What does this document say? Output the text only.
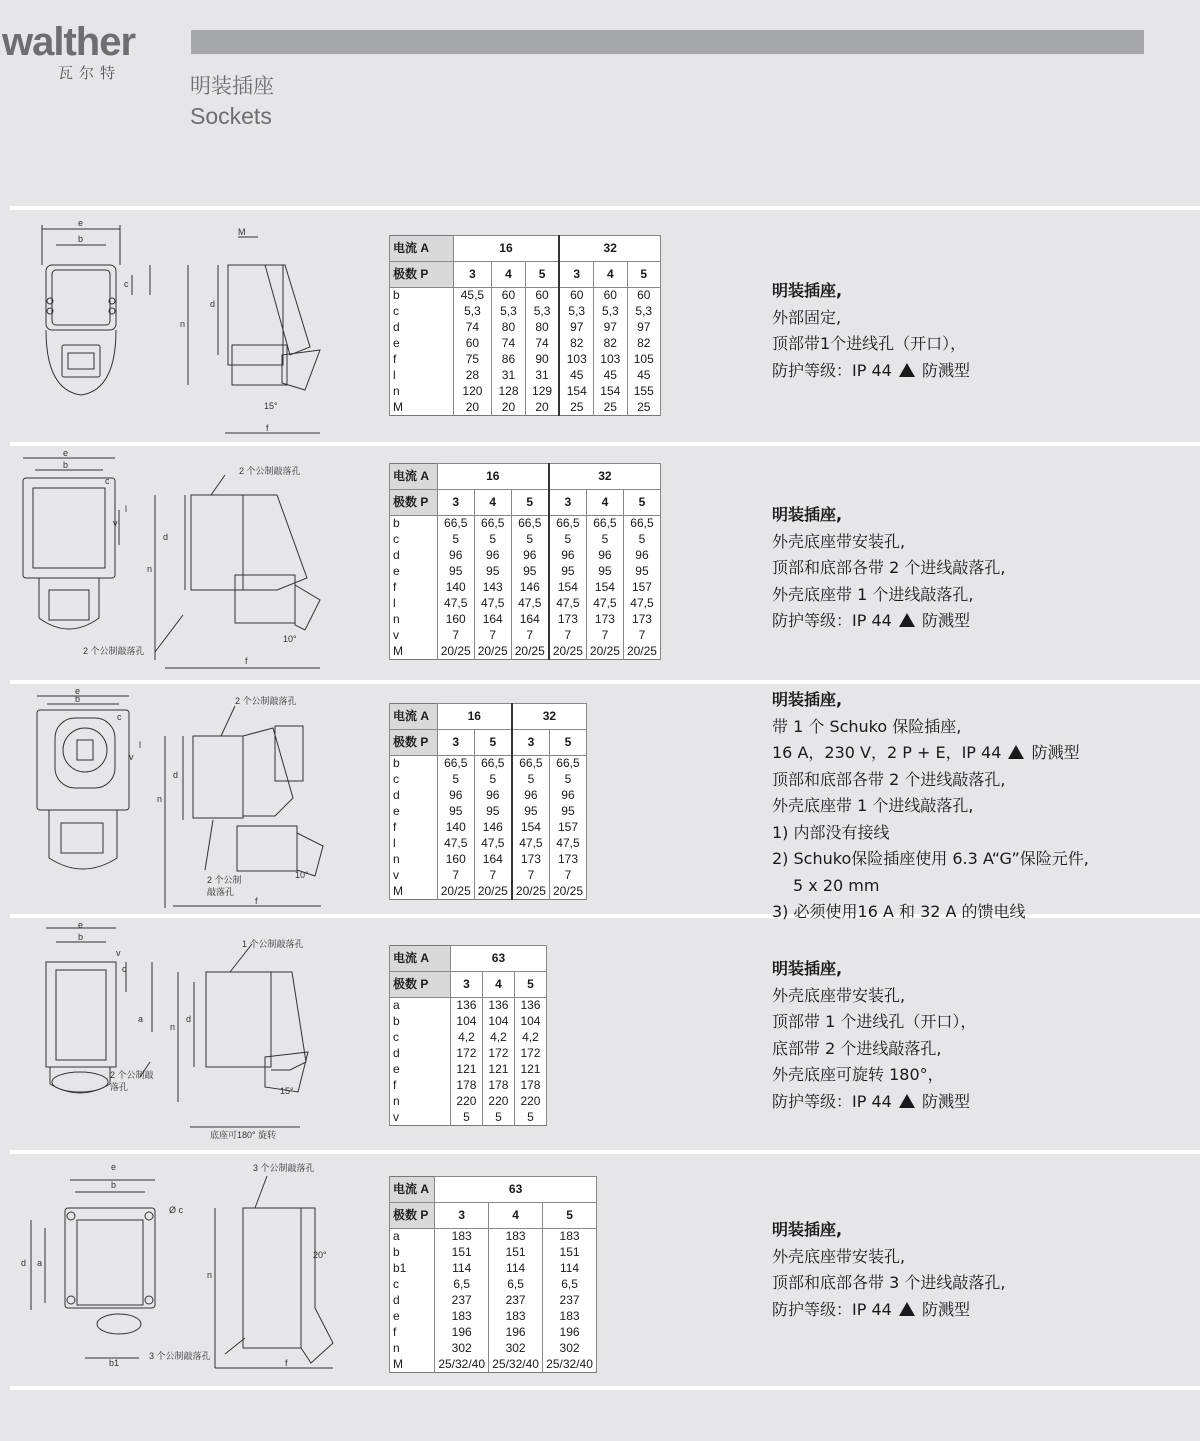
walther
瓦尔特
明装插座
Sockets
e
b
c
M
n
d
15°
f
电流 A	16			32		
极数 P	3	4	5	3	4	5
b	45,5	60	60	60	60	60
c	5,3	5,3	5,3	5,3	5,3	5,3
d	74	80	80	97	97	97
e	60	74	74	82	82	82
f	75	86	90	103	103	105
l	28	31	31	45	45	45
n	120	128	129	154	154	155
M	20	20	20	25	25	25
明装插座,
外部固定,
顶部带1个进线孔（开口），
防护等级：IP 44 防溅型
e
b
c
v
l
d
n
10°
f
2 个公制敲落孔
2 个公制敲落孔
电流 A	16			32		
极数 P	3	4	5	3	4	5
b	66,5	66,5	66,5	66,5	66,5	66,5
c	5	5	5	5	5	5
d	96	96	96	96	96	96
e	95	95	95	95	95	95
f	140	143	146	154	154	157
l	47,5	47,5	47,5	47,5	47,5	47,5
n	160	164	164	173	173	173
v	7	7	7	7	7	7
M	20/25	20/25	20/25	20/25	20/25	20/25
明装插座,
外壳底座带安装孔,
顶部和底部各带 2 个进线敲落孔,
外壳底座带 1 个进线敲落孔,
防护等级：IP 44 防溅型
e
b
c
v
l
d
n
10°
f
2 个公制敲落孔
2 个公制
敲落孔
电流 A	16		32	
极数 P	3	5	3	5
b	66,5	66,5	66,5	66,5
c	5	5	5	5
d	96	96	96	96
e	95	95	95	95
f	140	146	154	157
l	47,5	47,5	47,5	47,5
n	160	164	173	173
v	7	7	7	7
M	20/25	20/25	20/25	20/25
明装插座,
带 1 个 Schuko 保险插座,
16 A，230 V，2 P + E，IP 44 防溅型
顶部和底部各带 2 个进线敲落孔,
外壳底座带 1 个进线敲落孔,
1) 内部没有接线
2) Schuko保险插座使用 6.3 A“G”保险元件,
5 x 20 mm
3) 必须使用16 A 和 32 A 的馈电线
e
b
v
c
a	d
n
15°
1 个公制敲落孔
2 个公制敲
落孔
底座可180° 旋转
电流 A	63		
极数 P	3	4	5
a	136	136	136
b	104	104	104
c	4,2	4,2	4,2
d	172	172	172
e	121	121	121
f	178	178	178
n	220	220	220
v	5	5	5
明装插座,
外壳底座带安装孔,
顶部带 1 个进线孔（开口），
底部带 2 个进线敲落孔,
外壳底座可旋转 180°，
防护等级：IP 44 防溅型
e
b
Ø c
d a
n
20°
b1	f
3 个公制敲落孔
3 个公制敲落孔
电流 A	63		
极数 P	3	4	5
a	183	183	183
b	151	151	151
b1	114	114	114
c	6,5	6,5	6,5
d	237	237	237
e	183	183	183
f	196	196	196
n	302	302	302
M	25/32/40	25/32/40	25/32/40
明装插座,
外壳底座带安装孔,
顶部和底部各带 3 个进线敲落孔,
防护等级：IP 44 防溅型
